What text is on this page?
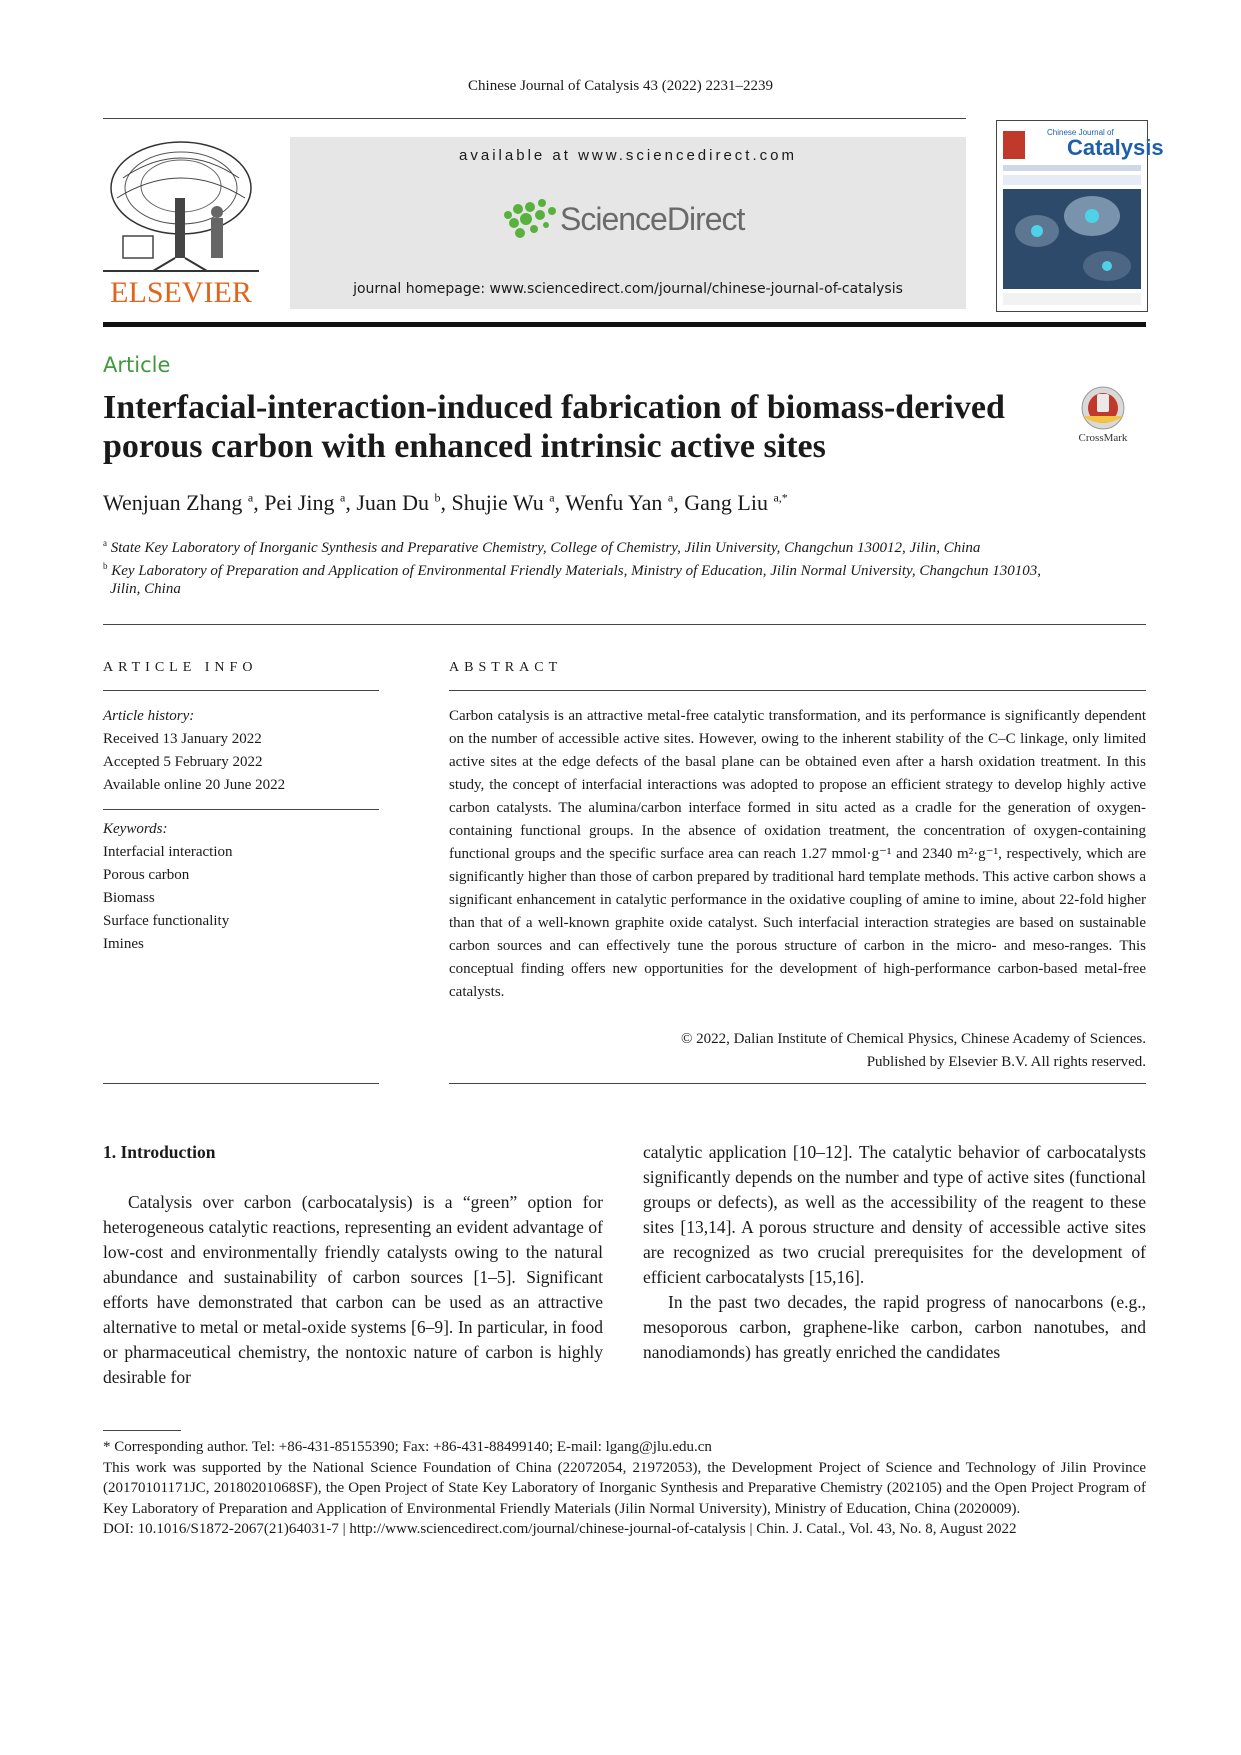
Chinese Journal of Catalysis 43 (2022) 2231–2239
ELSEVIER
available at www.sciencedirect.com
ScienceDirect
journal homepage: www.sciencedirect.com/journal/chinese-journal-of-catalysis
Catalysis
Chinese Journal of
Article
Interfacial-interaction-induced fabrication of biomass-derived porous carbon with enhanced intrinsic active sites	CrossMark
Wenjuan Zhang $^a$, Pei Jing $^a$, Juan Du $^b$, Shujie Wu $^a$, Wenfu Yan $^a$, Gang Liu $^{a,*}$
$^a$ State Key Laboratory of Inorganic Synthesis and Preparative Chemistry, College of Chemistry, Jilin University, Changchun 130012, Jilin, China
$^b$ Key Laboratory of Preparation and Application of Environmental Friendly Materials, Ministry of Education, Jilin Normal University, Changchun 130103,
Jilin, China
ARTICLE INFO
Article history:
Received 13 January 2022
Accepted 5 February 2022
Available online 20 June 2022
Keywords:
Interfacial interaction
Porous carbon
Biomass
Surface functionality
Imines
ABSTRACT
Carbon catalysis is an attractive metal-free catalytic transformation, and its performance is significantly dependent on the number of accessible active sites. However, owing to the inherent stability of the C–C linkage, only limited active sites at the edge defects of the basal plane can be obtained even after a harsh oxidation treatment. In this study, the concept of interfacial interactions was adopted to propose an efficient strategy to develop highly active carbon catalysts. The alumina/carbon interface formed in situ acted as a cradle for the generation of oxygen-containing functional groups. In the absence of oxidation treatment, the concentration of oxygen-containing functional groups and the specific surface area can reach 1.27 mmol·g⁻¹ and 2340 m²·g⁻¹, respectively, which are significantly higher than those of carbon prepared by traditional hard template methods. This active carbon shows a significant enhancement in catalytic performance in the oxidative coupling of amine to imine, about 22-fold higher than that of a well-known graphite oxide catalyst. Such interfacial interaction strategies are based on sustainable carbon sources and can effectively tune the porous structure of carbon in the micro- and meso-ranges. This conceptual finding offers new opportunities for the development of high-performance carbon-based metal-free catalysts.
© 2022, Dalian Institute of Chemical Physics, Chinese Academy of Sciences.
Published by Elsevier B.V. All rights reserved.
1. Introduction

Catalysis over carbon (carbocatalysis) is a “green” option for heterogeneous catalytic reactions, representing an evident advantage of low-cost and environmentally friendly catalysts owing to the natural abundance and sustainability of carbon sources [1–5]. Significant efforts have demonstrated that carbon can be used as an attractive alternative to metal or metal-oxide systems [6–9]. In particular, in food or pharmaceutical chemistry, the nontoxic nature of carbon is highly desirable for

catalytic application [10–12]. The catalytic behavior of carbocatalysts significantly depends on the number and type of active sites (functional groups or defects), as well as the accessibility of the reagent to these sites [13,14]. A porous structure and density of accessible active sites are recognized as two crucial prerequisites for the development of efficient carbocatalysts [15,16].

In the past two decades, the rapid progress of nanocarbons (e.g., mesoporous carbon, graphene-like carbon, carbon nanotubes, and nanodiamonds) has greatly enriched the candidates

* Corresponding author. Tel: +86-431-85155390; Fax: +86-431-88499140; E-mail: lgang@jlu.edu.cn

This work was supported by the National Science Foundation of China (22072054, 21972053), the Development Project of Science and Technology of Jilin Province (20170101171JC, 20180201068SF), the Open Project of State Key Laboratory of Inorganic Synthesis and Preparative Chemistry (202105) and the Open Project Program of Key Laboratory of Preparation and Application of Environmental Friendly Materials (Jilin Normal University), Ministry of Education, China (2020009).

DOI: 10.1016/S1872-2067(21)64031-7 | http://www.sciencedirect.com/journal/chinese-journal-of-catalysis | Chin. J. Catal., Vol. 43, No. 8, August 2022
